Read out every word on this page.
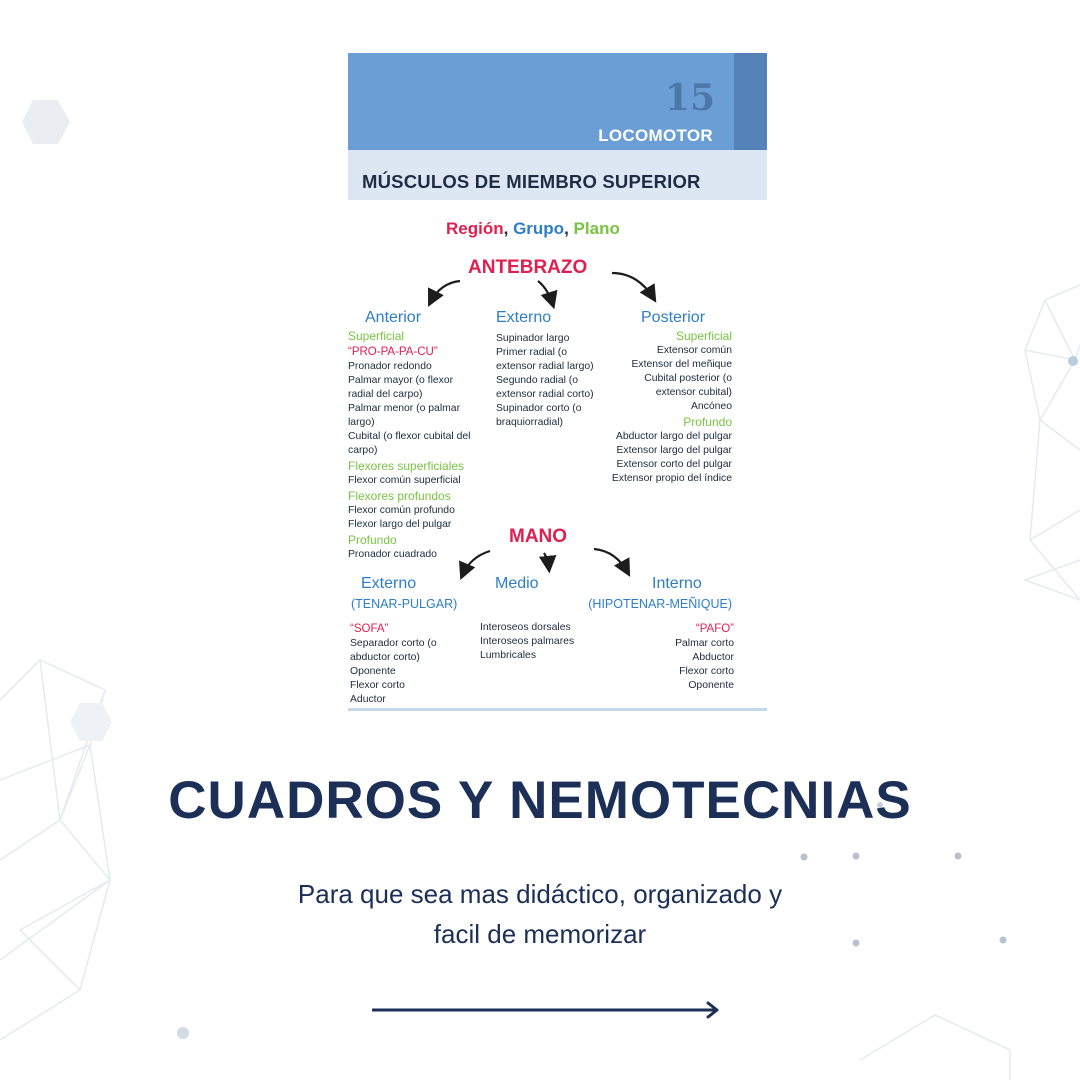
15
LOCOMOTOR
MÚSCULOS DE MIEMBRO SUPERIOR
Región, Grupo, Plano
ANTEBRAZO
Anterior
Superficial
“PRO-PA-PA-CU”
Pronador redondo
Palmar mayor (o flexor
radial del carpo)
Palmar menor (o palmar
largo)
Cubital (o flexor cubital del
carpo)
Flexores superficiales
Flexor común superficial
Flexores profundos
Flexor común profundo
Flexor largo del pulgar
Profundo
Pronador cuadrado
Externo
Supinador largo
Primer radial (o
extensor radial largo)
Segundo radial (o
extensor radial corto)
Supinador corto (o
braquiorradial)
Posterior
Superficial
Extensor común
Extensor del meñique
Cubital posterior (o
extensor cubital)
Ancóneo
Profundo
Abductor largo del pulgar
Extensor largo del pulgar
Extensor corto del pulgar
Extensor propio del índice
MANO
Externo
(TENAR-PULGAR)
“SOFA”
Separador corto (o
abductor corto)
Oponente
Flexor corto
Aductor
Medio
Interoseos dorsales
Interoseos palmares
Lumbricales
Interno
(HIPOTENAR-MEÑIQUE)
“PAFO”
Palmar corto
Abductor
Flexor corto
Oponente
CUADROS Y NEMOTECNIAS
Para que sea mas didáctico, organizado y
facil de memorizar
